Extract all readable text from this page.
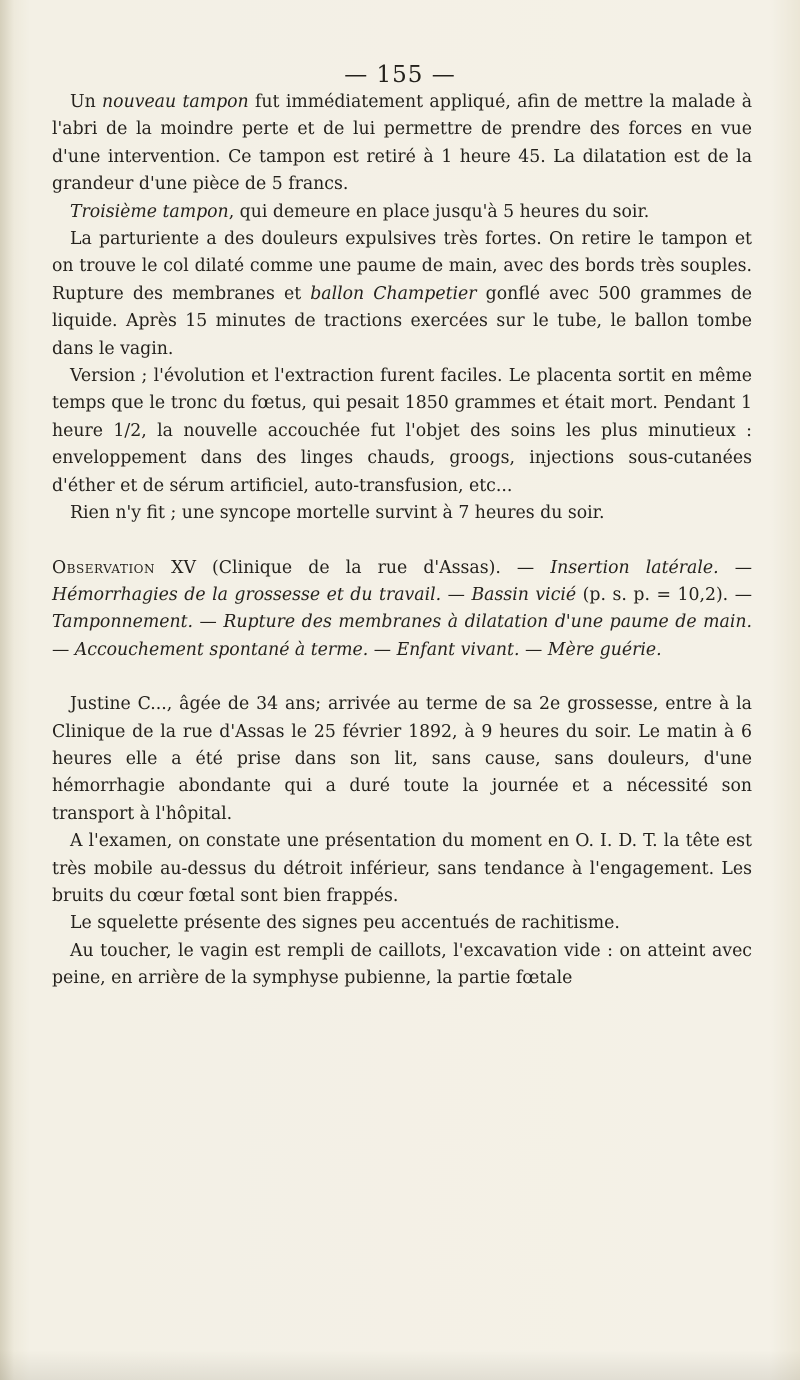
— 155 —

Un nouveau tampon fut immédiatement appliqué, afin de mettre la malade à l'abri de la moindre perte et de lui permettre de prendre des forces en vue d'une intervention. Ce tampon est retiré à 1 heure 45. La dilatation est de la grandeur d'une pièce de 5 francs.

Troisième tampon, qui demeure en place jusqu'à 5 heures du soir.

La parturiente a des douleurs expulsives très fortes. On retire le tampon et on trouve le col dilaté comme une paume de main, avec des bords très souples. Rupture des membranes et ballon Champetier gonflé avec 500 grammes de liquide. Après 15 minutes de tractions exercées sur le tube, le ballon tombe dans le vagin.

Version ; l'évolution et l'extraction furent faciles. Le placenta sortit en même temps que le tronc du fœtus, qui pesait 1850 grammes et était mort. Pendant 1 heure 1/2, la nouvelle accouchée fut l'objet des soins les plus minutieux : enveloppement dans des linges chauds, groogs, injections sous-cutanées d'éther et de sérum artificiel, auto-transfusion, etc...

Rien n'y fit ; une syncope mortelle survint à 7 heures du soir.

Observation XV (Clinique de la rue d'Assas). — Insertion latérale. — Hémorrhagies de la grossesse et du travail. — Bassin vicié (p. s. p. = 10,2). — Tamponnement. — Rupture des membranes à dilatation d'une paume de main. — Accouchement spontané à terme. — Enfant vivant. — Mère guérie.

Justine C..., âgée de 34 ans; arrivée au terme de sa 2e grossesse, entre à la Clinique de la rue d'Assas le 25 février 1892, à 9 heures du soir. Le matin à 6 heures elle a été prise dans son lit, sans cause, sans douleurs, d'une hémorrhagie abondante qui a duré toute la journée et a nécessité son transport à l'hôpital.

A l'examen, on constate une présentation du moment en O. I. D. T. la tête est très mobile au-dessus du détroit inférieur, sans tendance à l'engagement. Les bruits du cœur fœtal sont bien frappés.

Le squelette présente des signes peu accentués de rachitisme.

Au toucher, le vagin est rempli de caillots, l'excavation vide : on atteint avec peine, en arrière de la symphyse pubienne, la partie fœtale
